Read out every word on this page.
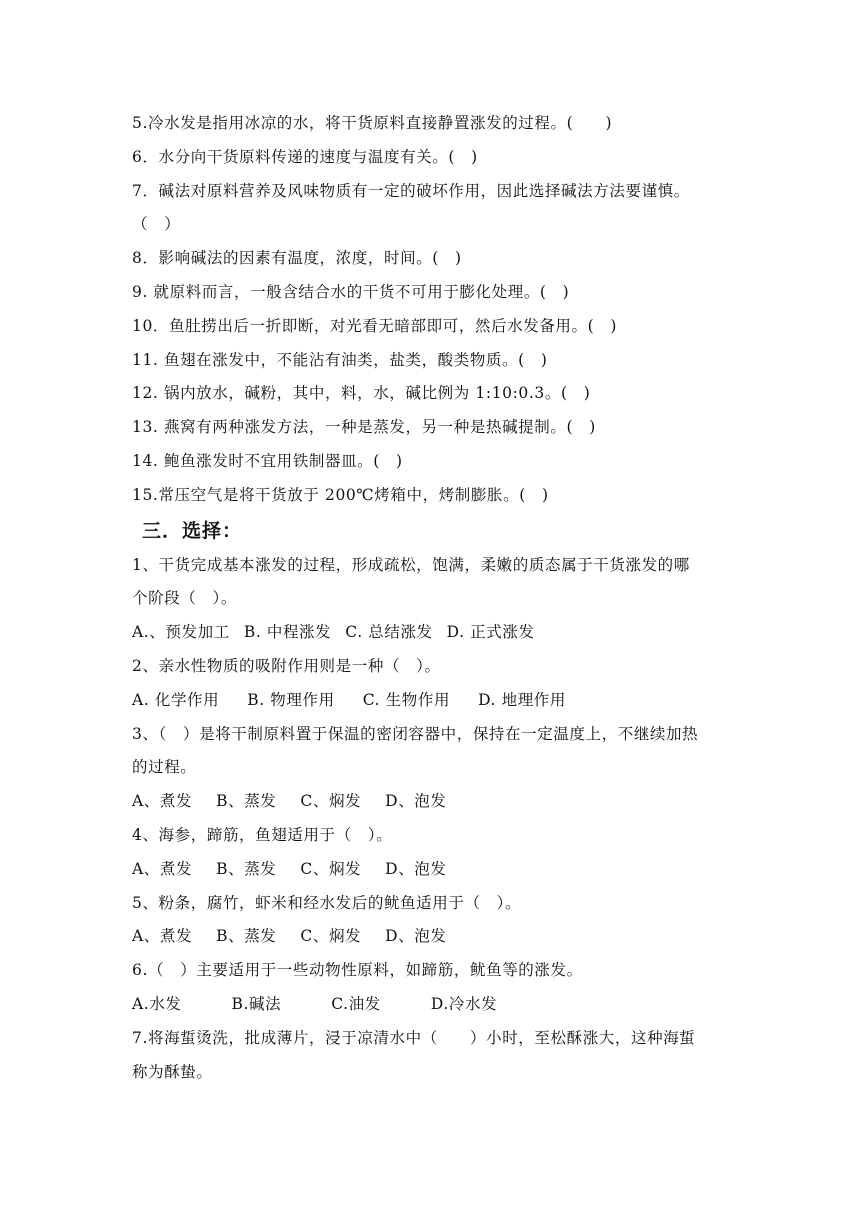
5.冷水发是指用冰凉的水，将干货原料直接静置涨发的过程。(　　)
6．水分向干货原料传递的速度与温度有关。(　)
7．碱法对原料营养及风味物质有一定的破坏作用，因此选择碱法方法要谨慎。
（　）
8．影响碱法的因素有温度，浓度，时间。(　)
9. 就原料而言，一般含结合水的干货不可用于膨化处理。(　)
10．鱼肚捞出后一折即断，对光看无暗部即可，然后水发备用。(　)
11. 鱼翅在涨发中，不能沾有油类，盐类，酸类物质。(　)
12. 锅内放水，碱粉，其中，料，水，碱比例为 1:10:0.3。(　)
13. 燕窝有两种涨发方法，一种是蒸发，另一种是热碱提制。(　)
14. 鲍鱼涨发时不宜用铁制器皿。(　)
15.常压空气是将干货放于 200℃烤箱中，烤制膨胀。(　)
三．选择：
1、干货完成基本涨发的过程，形成疏松，饱满，柔嫩的质态属于干货涨发的哪
个阶段（　）。
A.、预发加工 B. 中程涨发 C. 总结涨发 D. 正式涨发
2、亲水性物质的吸附作用则是一种（　）。
A. 化学作用 B. 物理作用 C. 生物作用 D. 地理作用
3、（　）是将干制原料置于保温的密闭容器中，保持在一定温度上，不继续加热
的过程。
A、煮发 B、蒸发 C、焖发 D、泡发
4、海参，蹄筋，鱼翅适用于（　）。
A、煮发 B、蒸发 C、焖发 D、泡发
5、粉条，腐竹，虾米和经水发后的鱿鱼适用于（　）。
A、煮发 B、蒸发 C、焖发 D、泡发
6.（　）主要适用于一些动物性原料，如蹄筋，鱿鱼等的涨发。
A.水发	B.碱法	C.油发	D.冷水发
7.将海蜇烫洗，批成薄片，浸于凉清水中（　　）小时，至松酥涨大，这种海蜇
称为酥蛰。
